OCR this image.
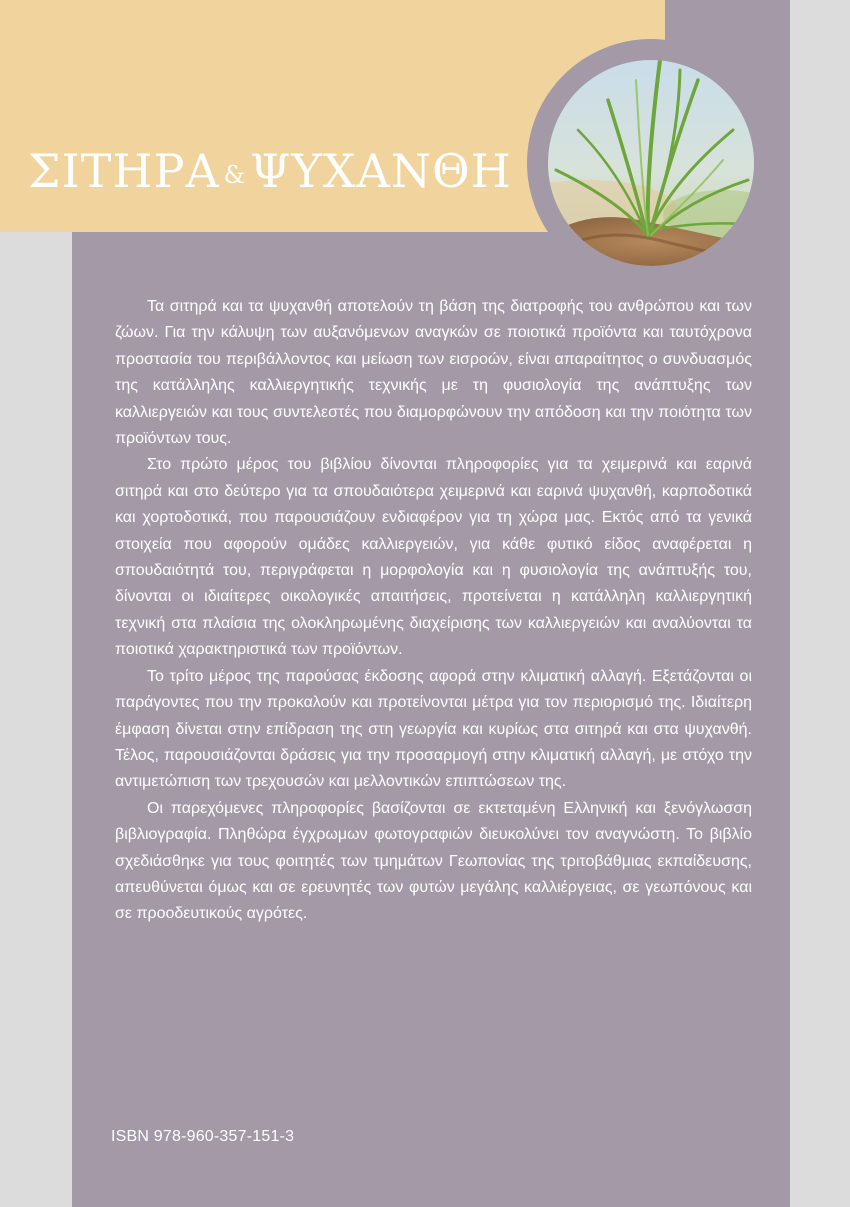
ΣΙΤΗΡΑ &ΨΥΧΑΝΘΗ

Τα σιτηρά και τα ψυχανθή αποτελούν τη βάση της διατροφής του ανθρώπου και των ζώων. Για την κάλυψη των αυξανόμενων αναγκών σε ποιοτικά προϊόντα και ταυτόχρονα προστασία του περιβάλλοντος και μείωση των εισροών, είναι απαραίτητος ο συνδυασμός της κατάλληλης καλλιεργητικής τεχνικής με τη φυσιολογία της ανάπτυξης των καλλιεργειών και τους συντελεστές που διαμορφώνουν την απόδοση και την ποιότητα των προϊόντων τους.

Στο πρώτο μέρος του βιβλίου δίνονται πληροφορίες για τα χειμερινά και εαρινά σιτηρά και στο δεύτερο για τα σπουδαιότερα χειμερινά και εαρινά ψυχανθή, καρποδοτικά και χορτοδοτικά, που παρουσιάζουν ενδιαφέρον για τη χώρα μας. Εκτός από τα γενικά στοιχεία που αφορούν ομάδες καλλιεργειών, για κάθε φυτικό είδος αναφέρεται η σπουδαιότητά του, περιγράφεται η μορφολογία και η φυσιολογία της ανάπτυξής του, δίνονται οι ιδιαίτερες οικολογικές απαιτήσεις, προτείνεται η κατάλληλη καλλιεργητική τεχνική στα πλαίσια της ολοκληρωμένης διαχείρισης των καλλιεργειών και αναλύονται τα ποιοτικά χαρακτηριστικά των προϊόντων.

Το τρίτο μέρος της παρούσας έκδοσης αφορά στην κλιματική αλλαγή. Εξετάζονται οι παράγοντες που την προκαλούν και προτείνονται μέτρα για τον περιορισμό της. Ιδιαίτερη έμφαση δίνεται στην επίδραση της στη γεωργία και κυρίως στα σιτηρά και στα ψυχανθή. Τέλος, παρουσιάζονται δράσεις για την προσαρμογή στην κλιματική αλλαγή, με στόχο την αντιμετώπιση των τρεχουσών και μελλοντικών επιπτώσεων της.

Οι παρεχόμενες πληροφορίες βασίζονται σε εκτεταμένη Ελληνική και ξενόγλωσση βιβλιογραφία. Πληθώρα έγχρωμων φωτογραφιών διευκολύνει τον αναγνώστη. Το βιβλίο σχεδιάσθηκε για τους φοιτητές των τμημάτων Γεωπονίας της τριτοβάθμιας εκπαίδευσης, απευθύνεται όμως και σε ερευνητές των φυτών μεγάλης καλλιέργειας, σε γεωπόνους και σε προοδευτικούς αγρότες.

ISBN 978-960-357-151-3
